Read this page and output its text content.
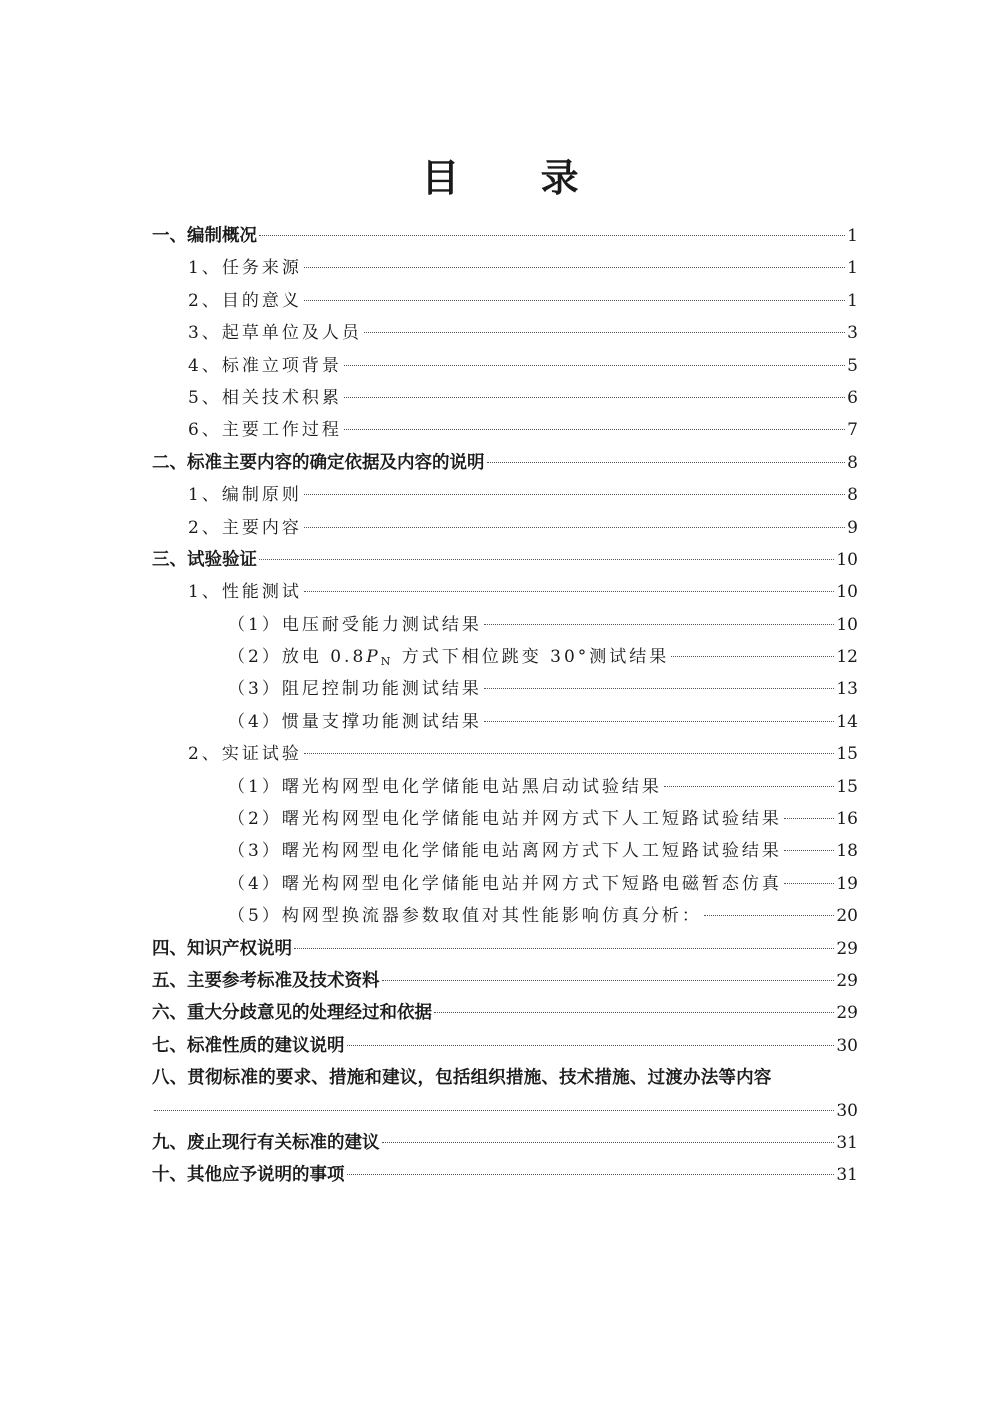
目 录
一、编制概况	1
1、任务来源	1
2、目的意义	1
3、起草单位及人员	3
4、标准立项背景	5
5、相关技术积累	6
6、主要工作过程	7
二、标准主要内容的确定依据及内容的说明	8
1、编制原则	8
2、主要内容	9
三、试验验证	10
1、性能测试	10
（1）电压耐受能力测试结果	10
（2）放电 0.8PN 方式下相位跳变 30°测试结果	12
（3）阻尼控制功能测试结果	13
（4）惯量支撑功能测试结果	14
2、实证试验	15
（1）曙光构网型电化学储能电站黑启动试验结果	15
（2）曙光构网型电化学储能电站并网方式下人工短路试验结果	16
（3）曙光构网型电化学储能电站离网方式下人工短路试验结果	18
（4）曙光构网型电化学储能电站并网方式下短路电磁暂态仿真	19
（5）构网型换流器参数取值对其性能影响仿真分析：	20
四、知识产权说明	29
五、主要参考标准及技术资料	29
六、重大分歧意见的处理经过和依据	29
七、标准性质的建议说明	30
八、贯彻标准的要求、措施和建议，包括组织措施、技术措施、过渡办法等内容
30
九、废止现行有关标准的建议	31
十、其他应予说明的事项	31
